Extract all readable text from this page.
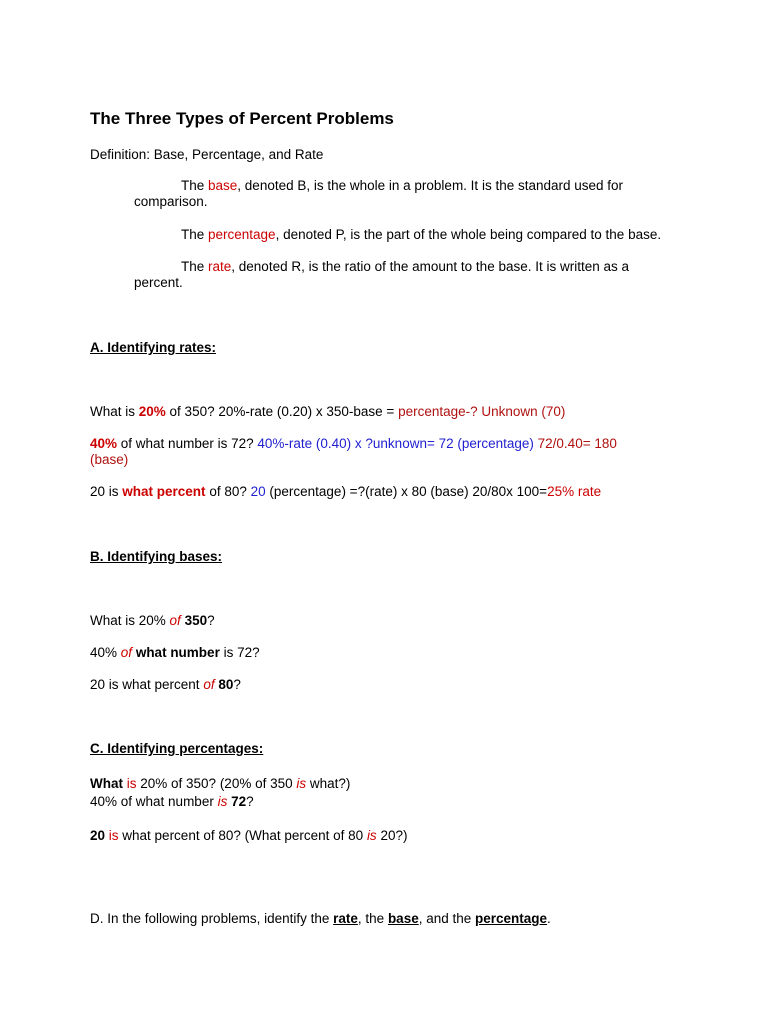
The Three Types of Percent Problems
Definition: Base, Percentage, and Rate
The base, denoted B, is the whole in a problem. It is the standard used for
comparison.
The percentage, denoted P, is the part of the whole being compared to the base.
The rate, denoted R, is the ratio of the amount to the base. It is written as a
percent.
A. Identifying rates:
What is 20% of 350? 20%-rate (0.20) x 350-base = percentage-? Unknown (70)
40% of what number is 72? 40%-rate (0.40) x ?unknown= 72 (percentage) 72/0.40= 180
(base)
20 is what percent of 80? 20 (percentage) =?(rate) x 80 (base) 20/80x 100=25% rate
B. Identifying bases:
What is 20% of 350?
40% of what number is 72?
20 is what percent of 80?
C. Identifying percentages:
What is 20% of 350? (20% of 350 is what?)
40% of what number is 72?
20 is what percent of 80? (What percent of 80 is 20?)
D. In the following problems, identify the rate, the base, and the percentage.
